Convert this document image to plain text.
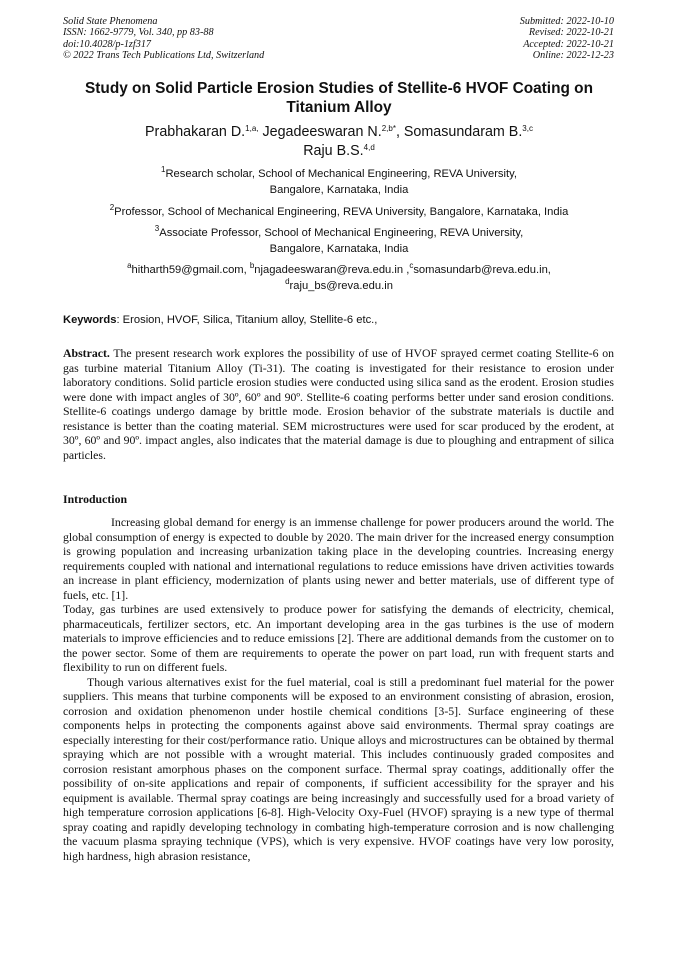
Solid State Phenomena
ISSN: 1662-9779, Vol. 340, pp 83-88
doi:10.4028/p-1zf317
© 2022 Trans Tech Publications Ltd, Switzerland
Submitted: 2022-10-10
Revised: 2022-10-21
Accepted: 2022-10-21
Online: 2022-12-23
Study on Solid Particle Erosion Studies of Stellite-6 HVOF Coating on
Titanium Alloy
Prabhakaran D.$^{1,a,}$ Jegadeeswaran N.$^{2,b*}$, Somasundaram B.$^{3,c}$
Raju B.S.$^{4,d}$
$^1$Research scholar, School of Mechanical Engineering, REVA University,
Bangalore, Karnataka, India
$^2$Professor, School of Mechanical Engineering, REVA University, Bangalore, Karnataka, India
$^3$Associate Professor, School of Mechanical Engineering, REVA University,
Bangalore, Karnataka, India
$^a$hitharth59@gmail.com, $^b$njagadeeswaran@reva.edu.in ,$^c$somasundarb@reva.edu.in,
$^d$raju_bs@reva.edu.in
Keywords: Erosion, HVOF, Silica, Titanium alloy, Stellite-6 etc.,
Abstract. The present research work explores the possibility of use of HVOF sprayed cermet coating Stellite-6 on gas turbine material Titanium Alloy (Ti-31). The coating is investigated for their resistance to erosion under laboratory conditions. Solid particle erosion studies were conducted using silica sand as the erodent. Erosion studies were done with impact angles of 30º, 60º and 90º. Stellite-6 coating performs better under sand erosion conditions. Stellite-6 coatings undergo damage by brittle mode. Erosion behavior of the substrate materials is ductile and resistance is better than the coating material. SEM microstructures were used for scar produced by the erodent, at 30º, 60º and 90º. impact angles, also indicates that the material damage is due to ploughing and entrapment of silica particles.
Introduction

Increasing global demand for energy is an immense challenge for power producers around the world. The global consumption of energy is expected to double by 2020. The main driver for the increased energy consumption is growing population and increasing urbanization taking place in the developing countries. Increasing energy requirements coupled with national and international regulations to reduce emissions have driven activities towards an increase in plant efficiency, modernization of plants using newer and better materials, use of different type of fuels, etc. [1].

Today, gas turbines are used extensively to produce power for satisfying the demands of electricity, chemical, pharmaceuticals, fertilizer sectors, etc. An important developing area in the gas turbines is the use of modern materials to improve efficiencies and to reduce emissions [2]. There are additional demands from the customer on to the power sector. Some of them are requirements to operate the power on part load, run with frequent starts and flexibility to run on different fuels.

Though various alternatives exist for the fuel material, coal is still a predominant fuel material for the power suppliers. This means that turbine components will be exposed to an environment consisting of abrasion, erosion, corrosion and oxidation phenomenon under hostile chemical conditions [3-5]. Surface engineering of these components helps in protecting the components against above said environments. Thermal spray coatings are especially interesting for their cost/performance ratio. Unique alloys and microstructures can be obtained by thermal spraying which are not possible with a wrought material. This includes continuously graded composites and corrosion resistant amorphous phases on the component surface. Thermal spray coatings, additionally offer the possibility of on-site applications and repair of components, if sufficient accessibility for the sprayer and his equipment is available. Thermal spray coatings are being increasingly and successfully used for a broad variety of high temperature corrosion applications [6-8]. High-Velocity Oxy-Fuel (HVOF) spraying is a new type of thermal spray coating and rapidly developing technology in combating high-temperature corrosion and is now challenging the vacuum plasma spraying technique (VPS), which is very expensive. HVOF coatings have very low porosity, high hardness, high abrasion resistance,
